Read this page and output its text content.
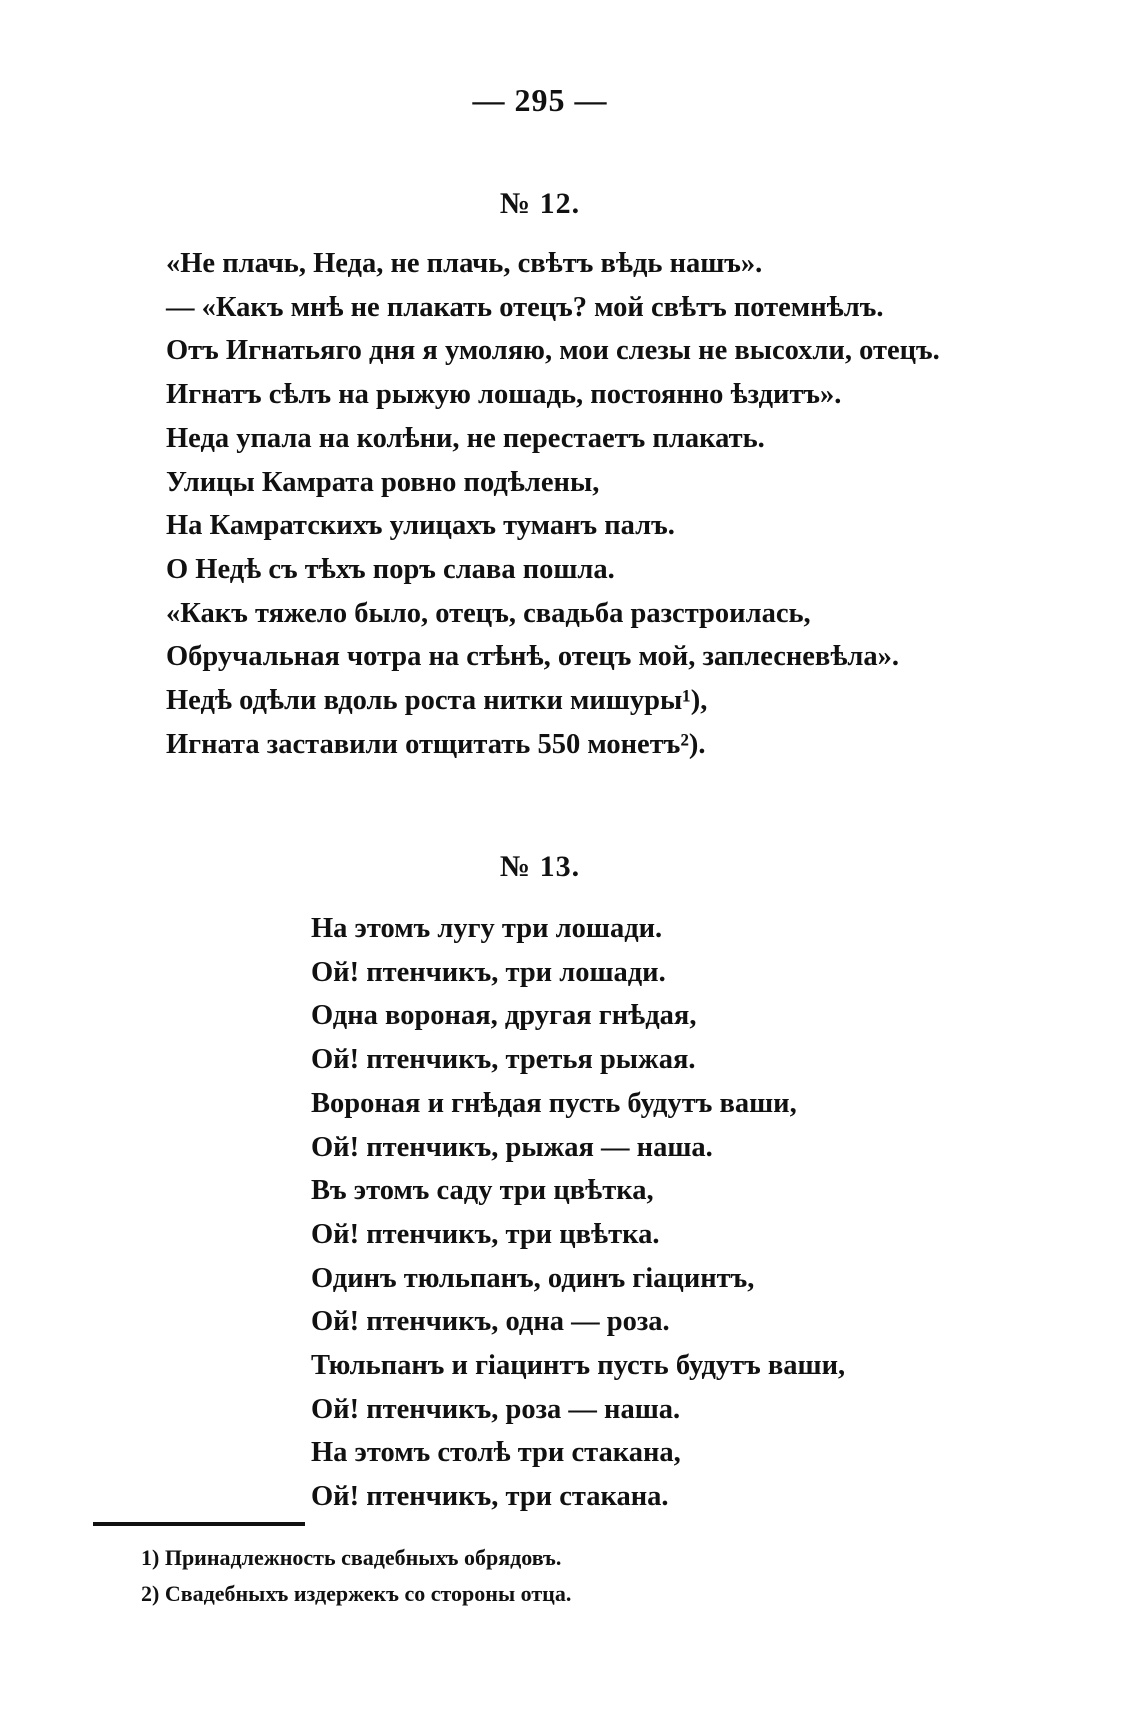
— 295 —
№ 12.
«Не плачь, Неда, не плачь, свѣтъ вѣдь нашъ».
— «Какъ мнѣ не плакать отецъ? мой свѣтъ потемнѣлъ.
Отъ Игнатьяго дня я умоляю, мои слезы не высохли, отецъ.
Игнатъ сѣлъ на рыжую лошадь, постоянно ѣздитъ».
Неда упала на колѣни, не перестаетъ плакать.
Улицы Камрата ровно подѣлены,
На Камратскихъ улицахъ туманъ палъ.
О Недѣ съ тѣхъ поръ слава пошла.
«Какъ тяжело было, отецъ, свадьба разстроилась,
Обручальная чотра на стѣнѣ, отецъ мой, заплесневѣла».
Недѣ одѣли вдоль роста нитки мишуры¹),
Игната заставили отщитать 550 монетъ²).
№ 13.
На этомъ лугу три лошади.
Ой! птенчикъ, три лошади.
Одна вороная, другая гнѣдая,
Ой! птенчикъ, третья рыжая.
Вороная и гнѣдая пусть будутъ ваши,
Ой! птенчикъ, рыжая — наша.
Въ этомъ саду три цвѣтка,
Ой! птенчикъ, три цвѣтка.
Одинъ тюльпанъ, одинъ гіацинтъ,
Ой! птенчикъ, одна — роза.
Тюльпанъ и гіацинтъ пусть будутъ ваши,
Ой! птенчикъ, роза — наша.
На этомъ столѣ три стакана,
Ой! птенчикъ, три стакана.
1) Принадлежность свадебныхъ обрядовъ.
2) Свадебныхъ издержекъ со стороны отца.
